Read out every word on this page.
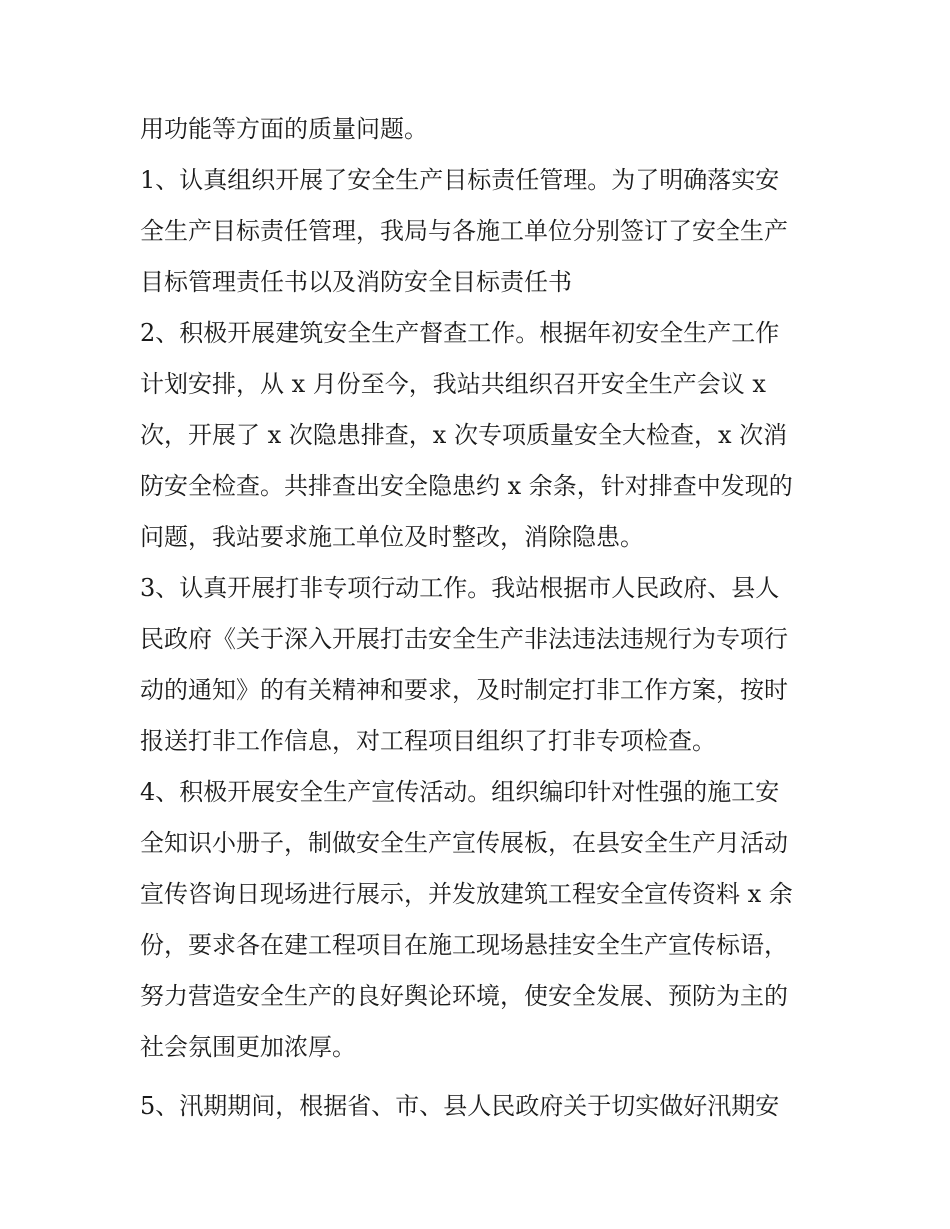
用功能等方面的质量问题。
1、认真组织开展了安全生产目标责任管理。为了明确落实安
全生产目标责任管理，我局与各施工单位分别签订了安全生产
目标管理责任书以及消防安全目标责任书
2、积极开展建筑安全生产督查工作。根据年初安全生产工作
计划安排，从 x 月份至今，我站共组织召开安全生产会议 x
次，开展了 x 次隐患排查，x 次专项质量安全大检查，x 次消
防安全检查。共排查出安全隐患约 x 余条，针对排查中发现的
问题，我站要求施工单位及时整改，消除隐患。
3、认真开展打非专项行动工作。我站根据市人民政府、县人
民政府《关于深入开展打击安全生产非法违法违规行为专项行
动的通知》的有关精神和要求，及时制定打非工作方案，按时
报送打非工作信息，对工程项目组织了打非专项检查。
4、积极开展安全生产宣传活动。组织编印针对性强的施工安
全知识小册子，制做安全生产宣传展板，在县安全生产月活动
宣传咨询日现场进行展示，并发放建筑工程安全宣传资料 x 余
份，要求各在建工程项目在施工现场悬挂安全生产宣传标语，
努力营造安全生产的良好舆论环境，使安全发展、预防为主的
社会氛围更加浓厚。
5、汛期期间，根据省、市、县人民政府关于切实做好汛期安
